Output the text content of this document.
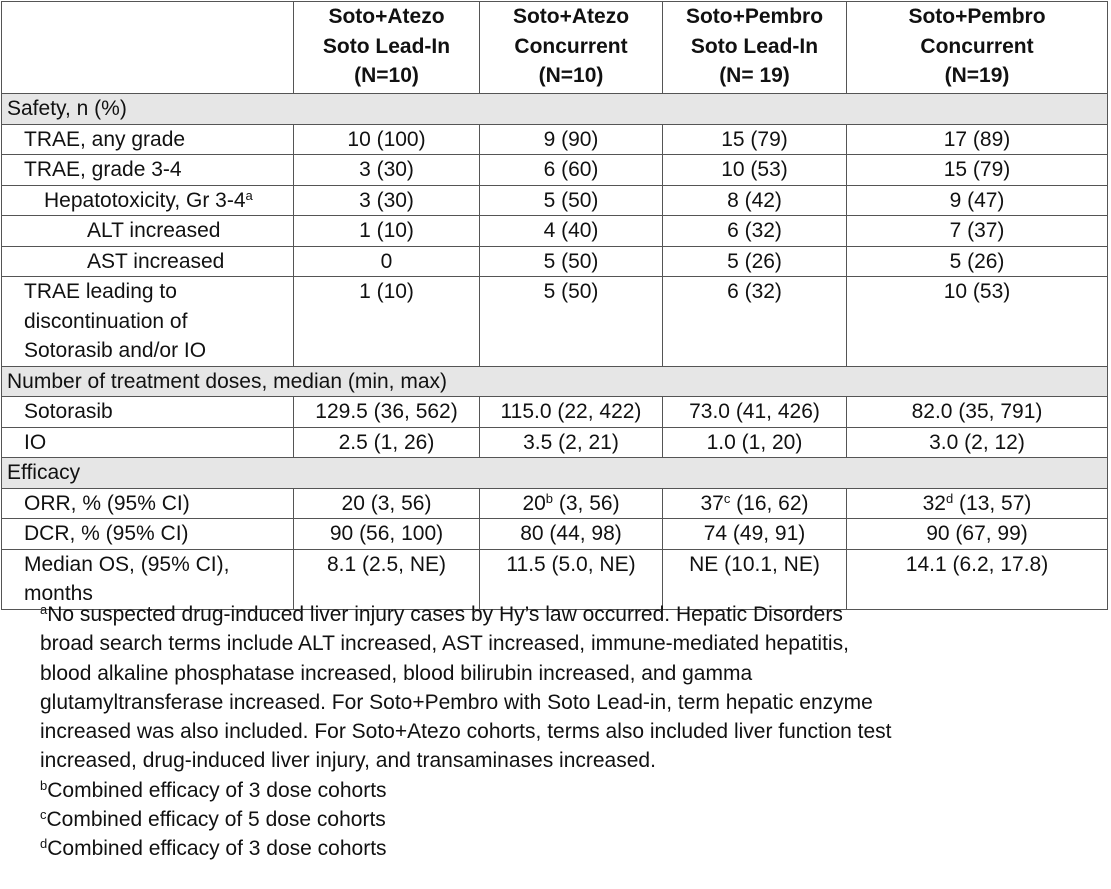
	Soto+Atezo
Soto Lead-In
(N=10)	Soto+Atezo
Concurrent
(N=10)	Soto+Pembro
Soto Lead-In
(N= 19)	Soto+Pembro
Concurrent
(N=19)

Safety, n (%)				
TRAE, any grade	10 (100)	9 (90)	15 (79)	17 (89)
TRAE, grade 3-4	3 (30)	6 (60)	10 (53)	15 (79)
Hepatotoxicity, Gr 3-4$^a$	3 (30)	5 (50)	8 (42)	9 (47)
ALT increased	1 (10)	4 (40)	6 (32)	7 (37)
AST increased	0	5 (50)	5 (26)	5 (26)

TRAE leading to
discontinuation of
Sotorasib and/or IO	1 (10)	5 (50)	6 (32)	10 (53)
Number of treatment doses, median (min, max)				
Sotorasib	129.5 (36, 562)	115.0 (22, 422)	73.0 (41, 426)	82.0 (35, 791)
IO	2.5 (1, 26)	3.5 (2, 21)	1.0 (1, 20)	3.0 (2, 12)
Efficacy				
ORR, % (95% CI)	20 (3, 56)	20$^b$ (3, 56)	37$^c$ (16, 62)	32$^d$ (13, 57)
DCR, % (95% CI)	90 (56, 100)	80 (44, 98)	74 (49, 91)	90 (67, 99)

Median OS, (95% CI),
months	8.1 (2.5, NE)	11.5 (5.0, NE)	NE (10.1, NE)	14.1 (6.2, 17.8)
$^a$No suspected drug-induced liver injury cases by Hy’s law occurred. Hepatic Disorders
broad search terms include ALT increased, AST increased, immune-mediated hepatitis,
blood alkaline phosphatase increased, blood bilirubin increased, and gamma
glutamyltransferase increased. For Soto+Pembro with Soto Lead-in, term hepatic enzyme
increased was also included. For Soto+Atezo cohorts, terms also included liver function test
increased, drug-induced liver injury, and transaminases increased.
$^b$Combined efficacy of 3 dose cohorts
$^c$Combined efficacy of 5 dose cohorts
$^d$Combined efficacy of 3 dose cohorts
